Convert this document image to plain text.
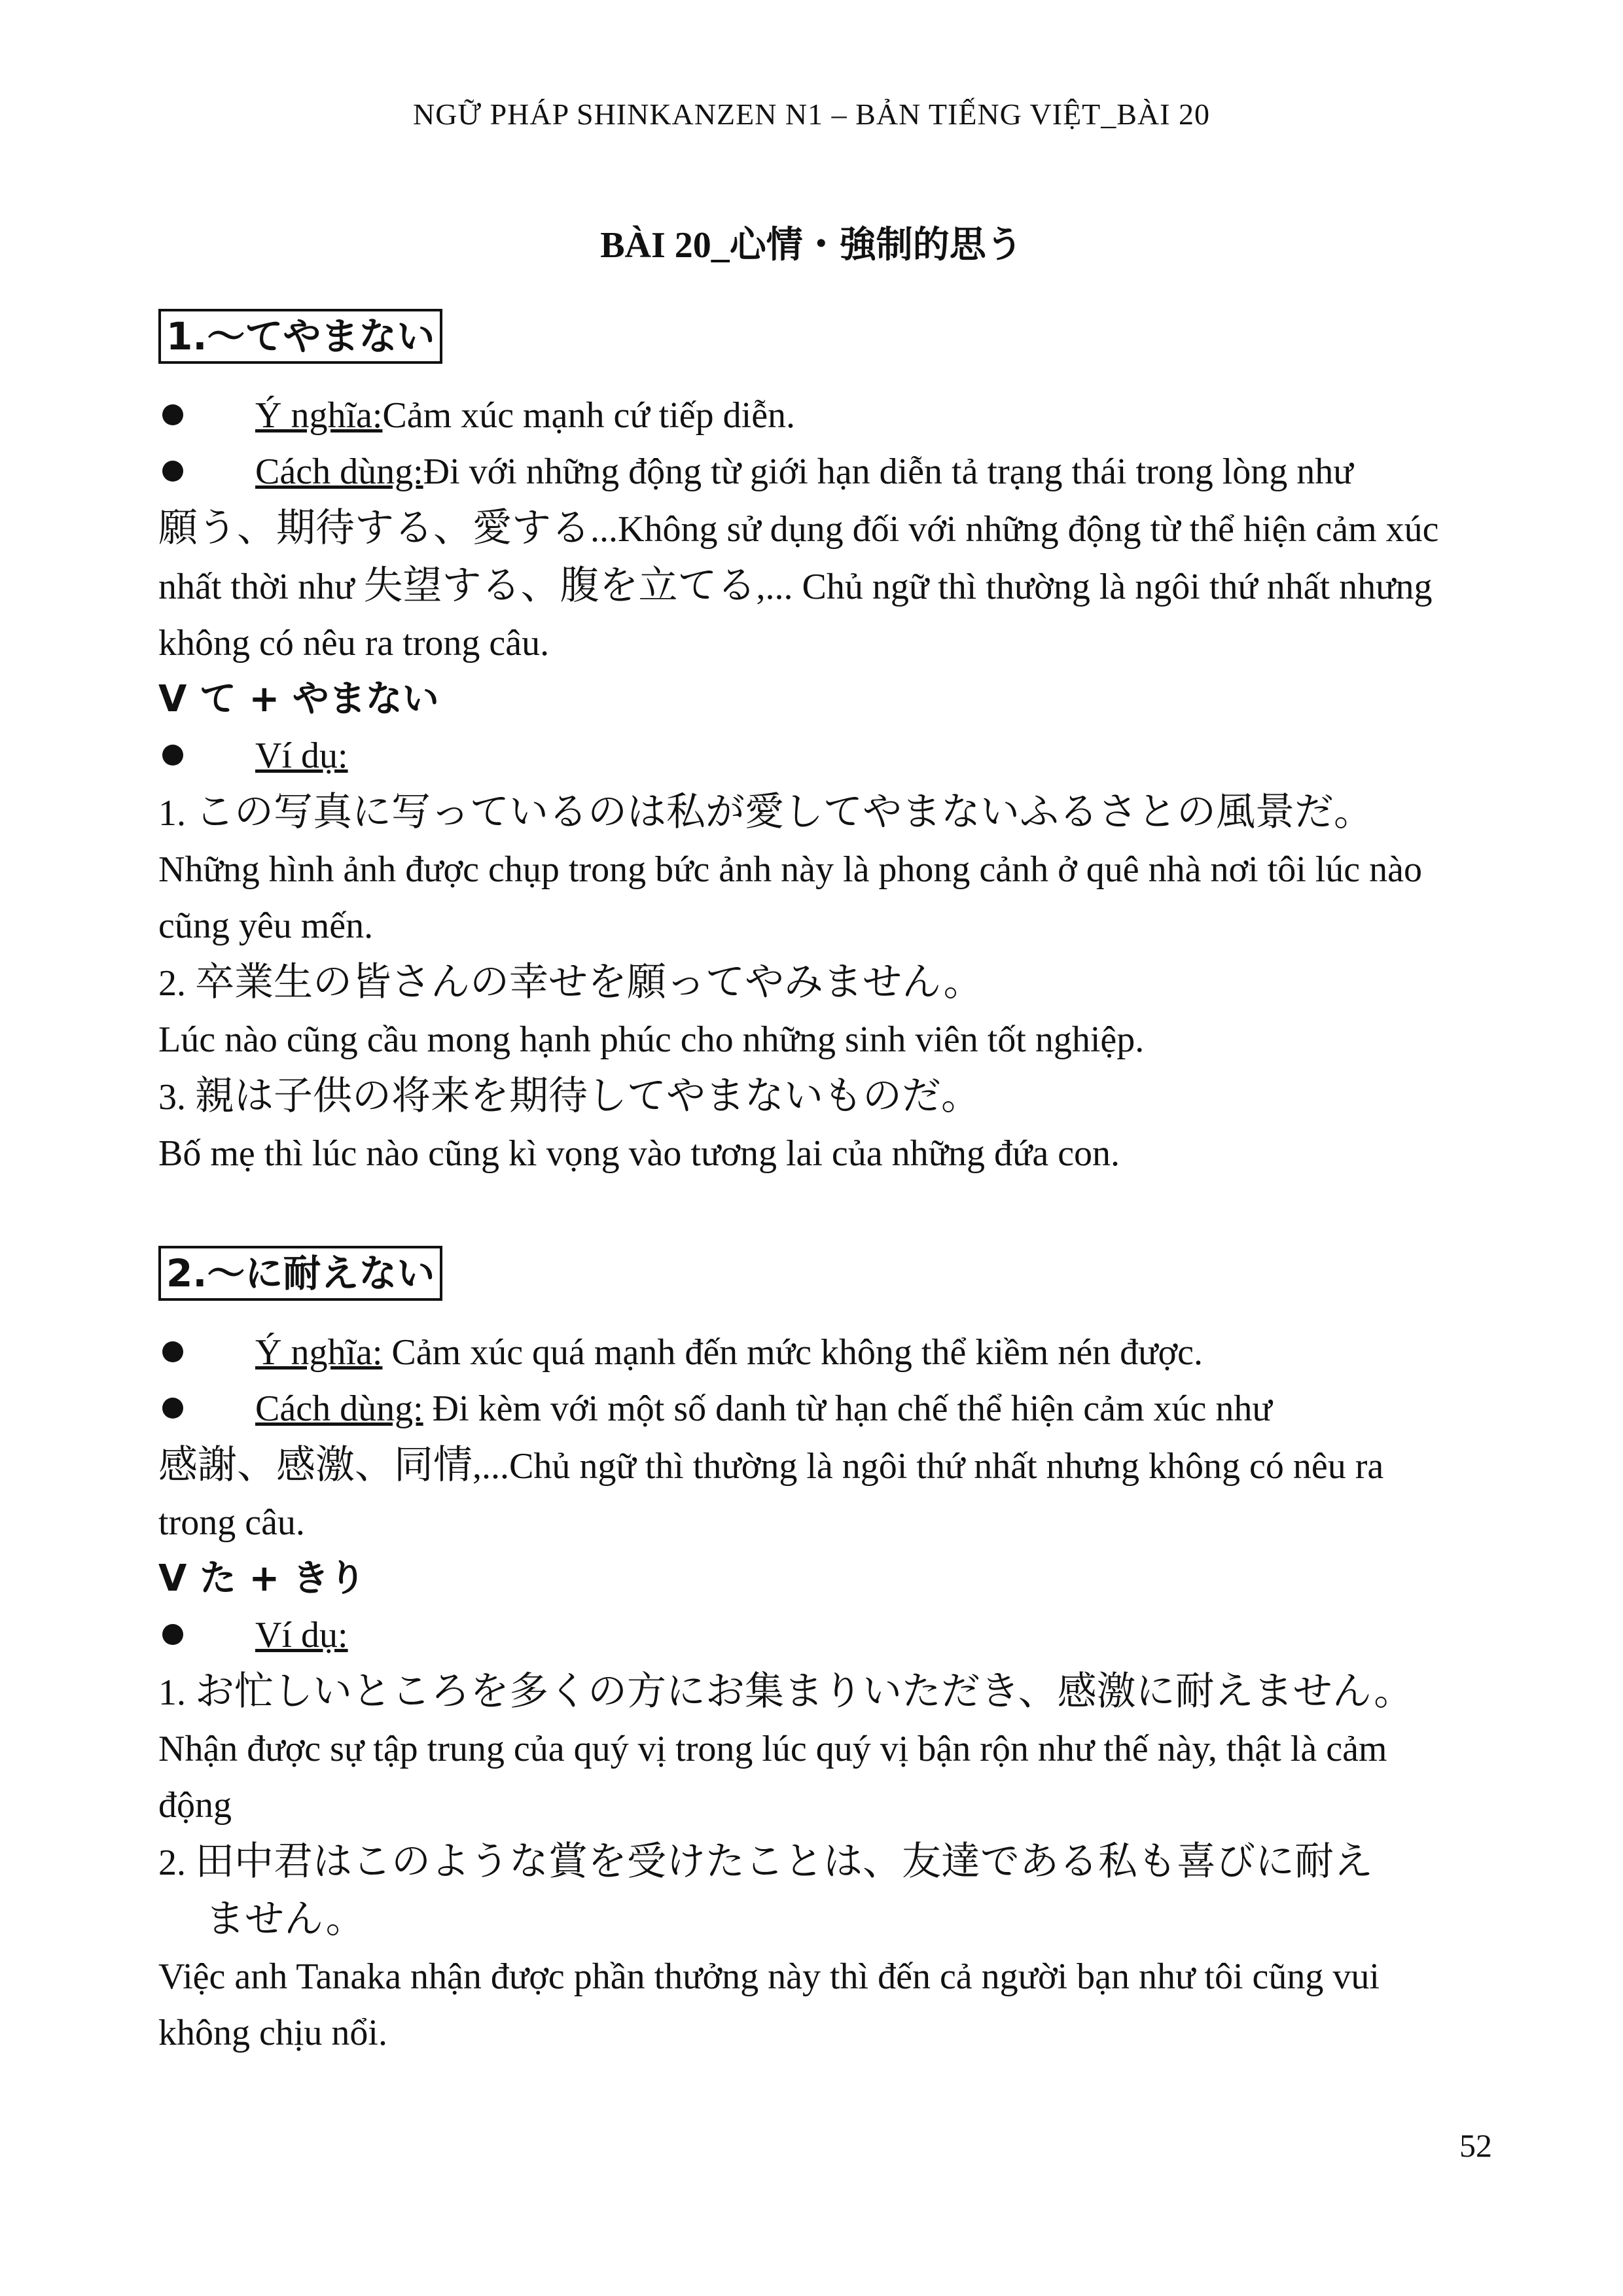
NGỮ PHÁP SHINKANZEN N1 – BẢN TIẾNG VIỆT_BÀI 20
BÀI 20_心情・強制的思う
1.〜てやまない
Ý nghĩa:Cảm xúc mạnh cứ tiếp diễn.
Cách dùng:Đi với những động từ giới hạn diễn tả trạng thái trong lòng như
願う、期待する、愛する...Không sử dụng đối với những động từ thể hiện cảm xúc nhất thời như 失望する、腹を立てる,... Chủ ngữ thì thường là ngôi thứ nhất nhưng không có nêu ra trong câu.
V て + やまない
Ví dụ:
1. この写真に写っているのは私が愛してやまないふるさとの風景だ。
Những hình ảnh được chụp trong bức ảnh này là phong cảnh ở quê nhà nơi tôi lúc nào cũng yêu mến.
2. 卒業生の皆さんの幸せを願ってやみません。
Lúc nào cũng cầu mong hạnh phúc cho những sinh viên tốt nghiệp.
3. 親は子供の将来を期待してやまないものだ。
Bố mẹ thì lúc nào cũng kì vọng vào tương lai của những đứa con.
2.〜に耐えない
Ý nghĩa: Cảm xúc quá mạnh đến mức không thể kiềm nén được.
Cách dùng: Đi kèm với một số danh từ hạn chế thể hiện cảm xúc như
感謝、感激、同情,...Chủ ngữ thì thường là ngôi thứ nhất nhưng không có nêu ra trong câu.
V た + きり
Ví dụ:
1. お忙しいところを多くの方にお集まりいただき、感激に耐えません。
Nhận được sự tập trung của quý vị trong lúc quý vị bận rộn như thế này, thật là cảm động
2. 田中君はこのような賞を受けたことは、友達である私も喜びに耐え
ません。
Việc anh Tanaka nhận được phần thưởng này thì đến cả người bạn như tôi cũng vui không chịu nổi.
52
